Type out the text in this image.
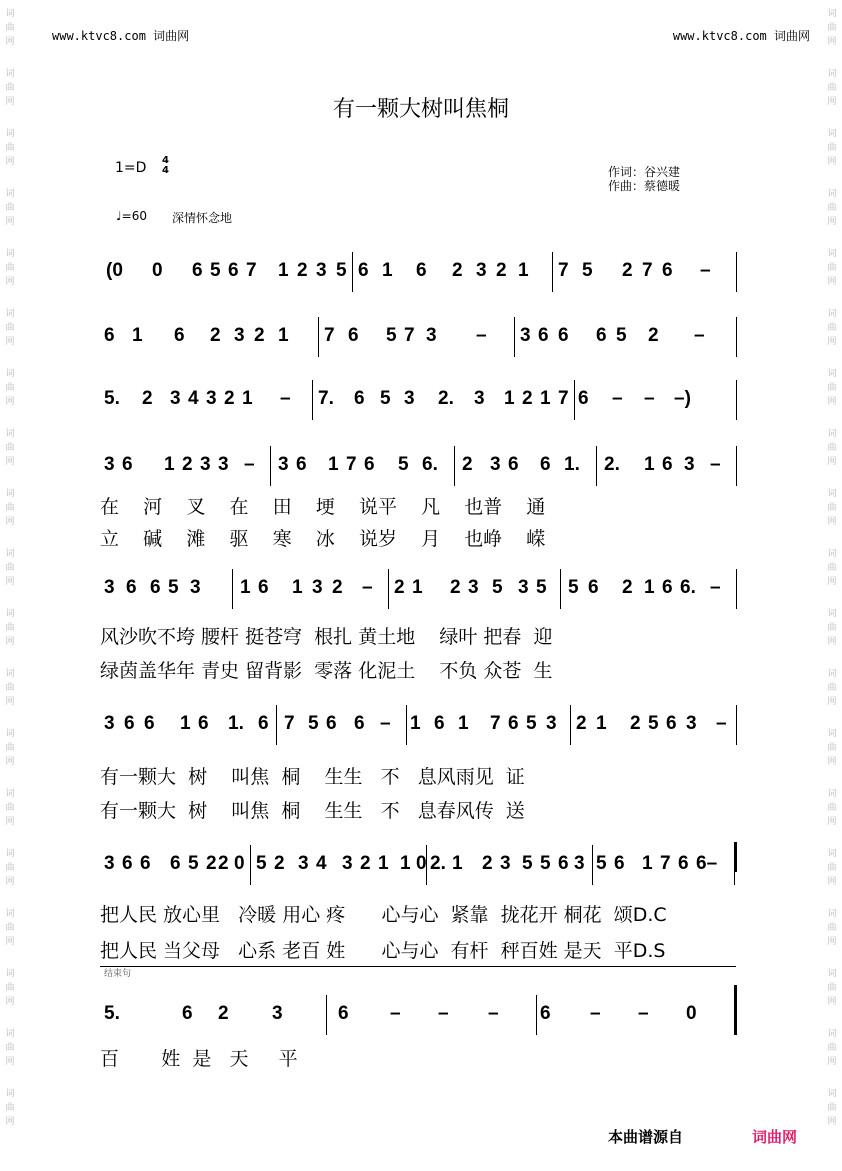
词
曲
网
词
曲
网
词
曲
网
词
曲
网
词
曲
网
词
曲
网
词
曲
网
词
曲
网
词
曲
网
词
曲
网
词
曲
网
词
曲
网
词
曲
网
词
曲
网
词
曲
网
词
曲
网
词
曲
网
词
曲
网
词
曲
网
词
曲
网
词
曲
网
词
曲
网
词
曲
网
词
曲
网
词
曲
网
词
曲
网
词
曲
网
词
曲
网
词
曲
网
词
曲
网
词
曲
网
词
曲
网
词
曲
网
词
曲
网
词
曲
网
词
曲
网
词
曲
网
词
曲
网
www.ktvc8.com 词曲网	www.ktvc8.com 词曲网
有一颗大树叫焦桐
1=D 4
4	作词：谷兴建
作曲：蔡德暖
♩=60 深情怀念地
(0 0 6 5 6 7 1 2 3 5 6 1 6 2 3 2 1 7 5 2 7 6 –
6 1 6 2 3 2 1 7 6 5 7 3 – 3 6 6 6 5 2 –
5. 2 3 4 3 2 1 – 7. 6 5 3 2. 3 1 2 1 7 6 – – –)
3 6 1 2 3 3 – 3 6 1 7 6 5 6. 2 3 6 6 1. 2. 1 6 3 –
在    河    叉    在    田    埂    说平    凡    也普    通
立    碱    滩    驱    寒    冰    说岁    月    也峥    嵘
3 6 6 5 3 1 6 1 3 2 – 2 1 2 3 5 3 5 5 6 2 1 6 6. –
风沙吹不垮 腰杆 挺苍穹  根扎 黄土地    绿叶 把春  迎
绿茵盖华年 青史 留背影  零落 化泥土    不负 众苍  生
3 6 6 1 6 1. 6 7 5 6 6 – 1 6 1 7 6 5 3 2 1 2 5 6 3 –
有一颗大  树    叫焦  桐    生生   不   息风雨见  证
有一颗大  树    叫焦  桐    生生   不   息春风传  送
3 6 6 6 5 2 2 0 5 2 3 4 3 2 1 1 0 2. 1 2 3 5 5 6 3 5 6 1 7 6 6–
把人民 放心里   冷暖 用心 疼      心与心  紧靠  拢花开 桐花  颂D.C
把人民 当父母   心系 老百 姓      心与心  有杆  秤百姓 是天  平D.S
5.	6 2 3	6 – – – 6 – – 0
百       姓  是   天     平
结束句
本曲谱源自	词曲网
